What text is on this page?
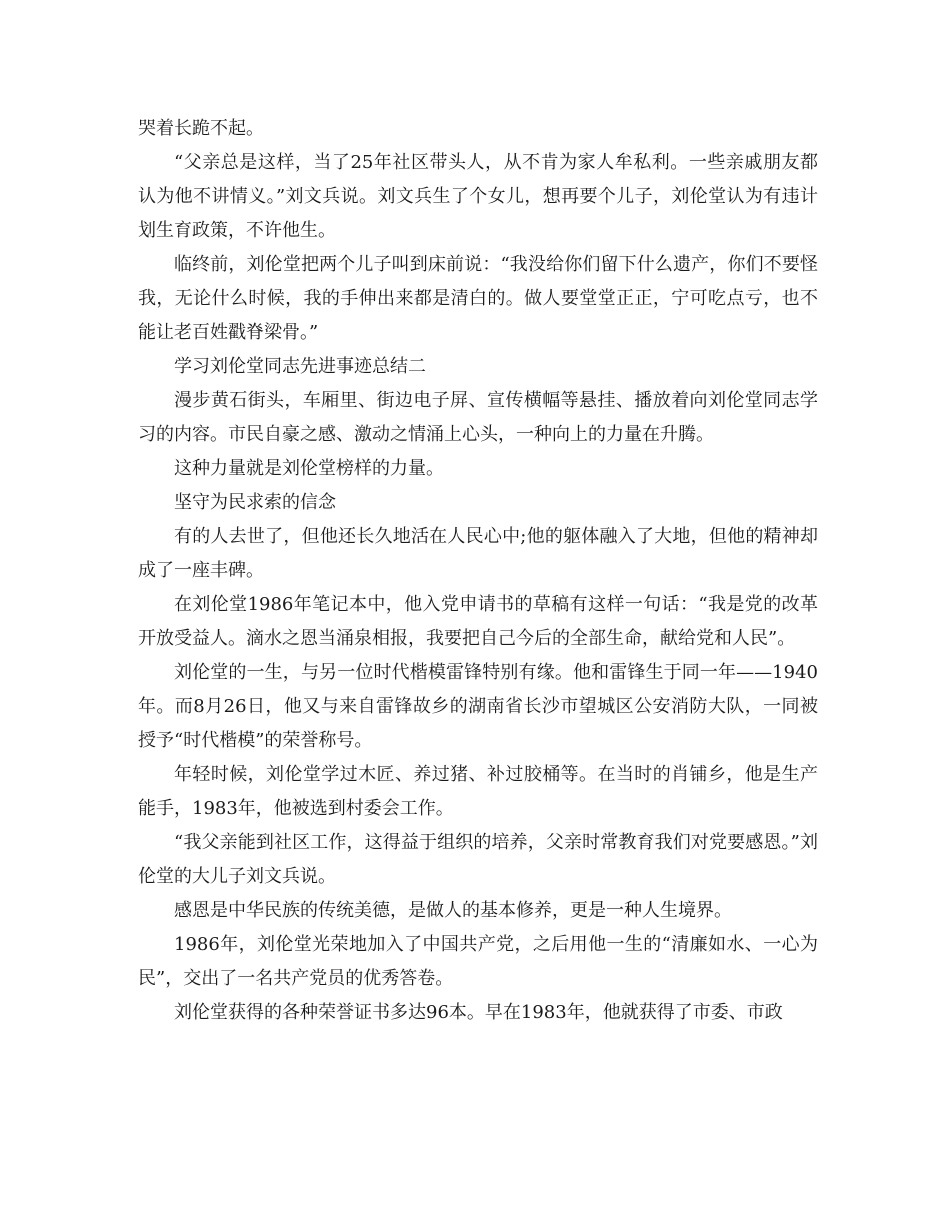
哭着长跪不起。

“父亲总是这样，当了25年社区带头人，从不肯为家人牟私利。一些亲戚朋友都认为他不讲情义。”刘文兵说。刘文兵生了个女儿，想再要个儿子，刘伦堂认为有违计划生育政策，不许他生。

临终前，刘伦堂把两个儿子叫到床前说：“我没给你们留下什么遗产，你们不要怪我，无论什么时候，我的手伸出来都是清白的。做人要堂堂正正，宁可吃点亏，也不能让老百姓戳脊梁骨。”

学习刘伦堂同志先进事迹总结二

漫步黄石街头，车厢里、街边电子屏、宣传横幅等悬挂、播放着向刘伦堂同志学习的内容。市民自豪之感、激动之情涌上心头，一种向上的力量在升腾。

这种力量就是刘伦堂榜样的力量。

坚守为民求索的信念

有的人去世了，但他还长久地活在人民心中;他的躯体融入了大地，但他的精神却成了一座丰碑。

在刘伦堂1986年笔记本中，他入党申请书的草稿有这样一句话：“我是党的改革开放受益人。滴水之恩当涌泉相报，我要把自己今后的全部生命，献给党和人民”。

刘伦堂的一生，与另一位时代楷模雷锋特别有缘。他和雷锋生于同一年——1940年。而8月26日，他又与来自雷锋故乡的湖南省长沙市望城区公安消防大队，一同被授予“时代楷模”的荣誉称号。

年轻时候，刘伦堂学过木匠、养过猪、补过胶桶等。在当时的肖铺乡，他是生产能手，1983年，他被选到村委会工作。

“我父亲能到社区工作，这得益于组织的培养，父亲时常教育我们对党要感恩。”刘伦堂的大儿子刘文兵说。

感恩是中华民族的传统美德，是做人的基本修养，更是一种人生境界。

1986年，刘伦堂光荣地加入了中国共产党，之后用他一生的“清廉如水、一心为民”，交出了一名共产党员的优秀答卷。

刘伦堂获得的各种荣誉证书多达96本。早在1983年，他就获得了市委、市政
